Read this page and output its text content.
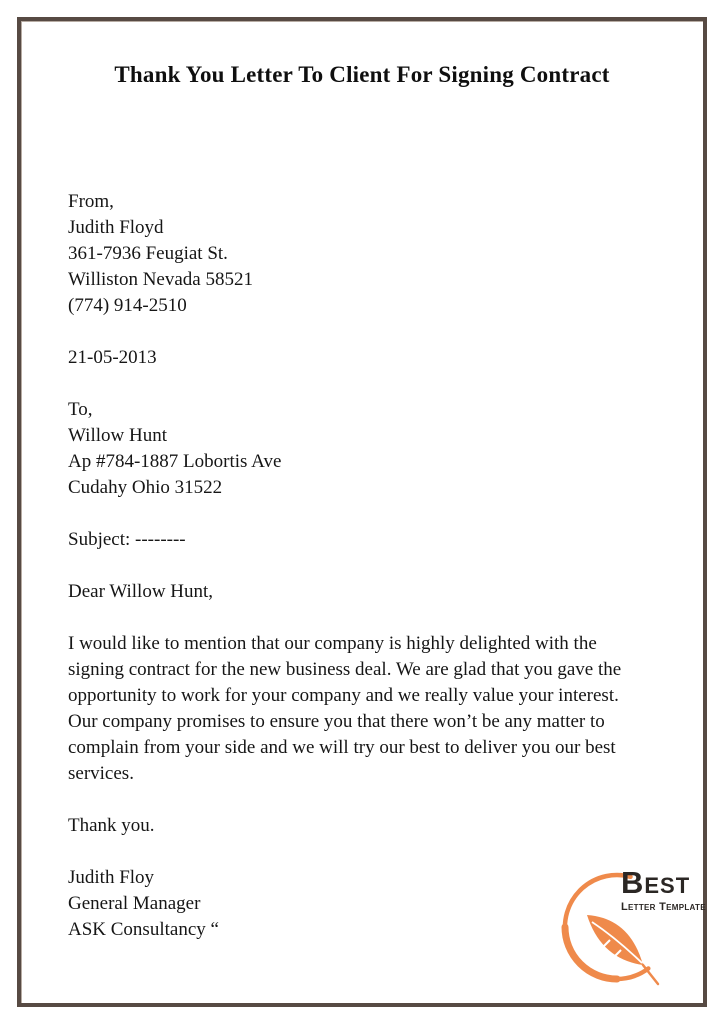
Thank You Letter To Client For Signing Contract
From,
Judith Floyd
361-7936 Feugiat St.
Williston Nevada 58521
(774) 914-2510
21-05-2013
To,
Willow Hunt
Ap #784-1887 Lobortis Ave
Cudahy Ohio 31522
Subject: --------
Dear Willow Hunt,
I would like to mention that our company is highly delighted with the signing contract for the new business deal. We are glad that you gave the opportunity to work for your company and we really value your interest.
Our company promises to ensure you that there won’t be any matter to complain from your side and we will try our best to deliver you our best services.
Thank you.
Judith Floy
General Manager
ASK Consultancy “
Best
Letter Template
